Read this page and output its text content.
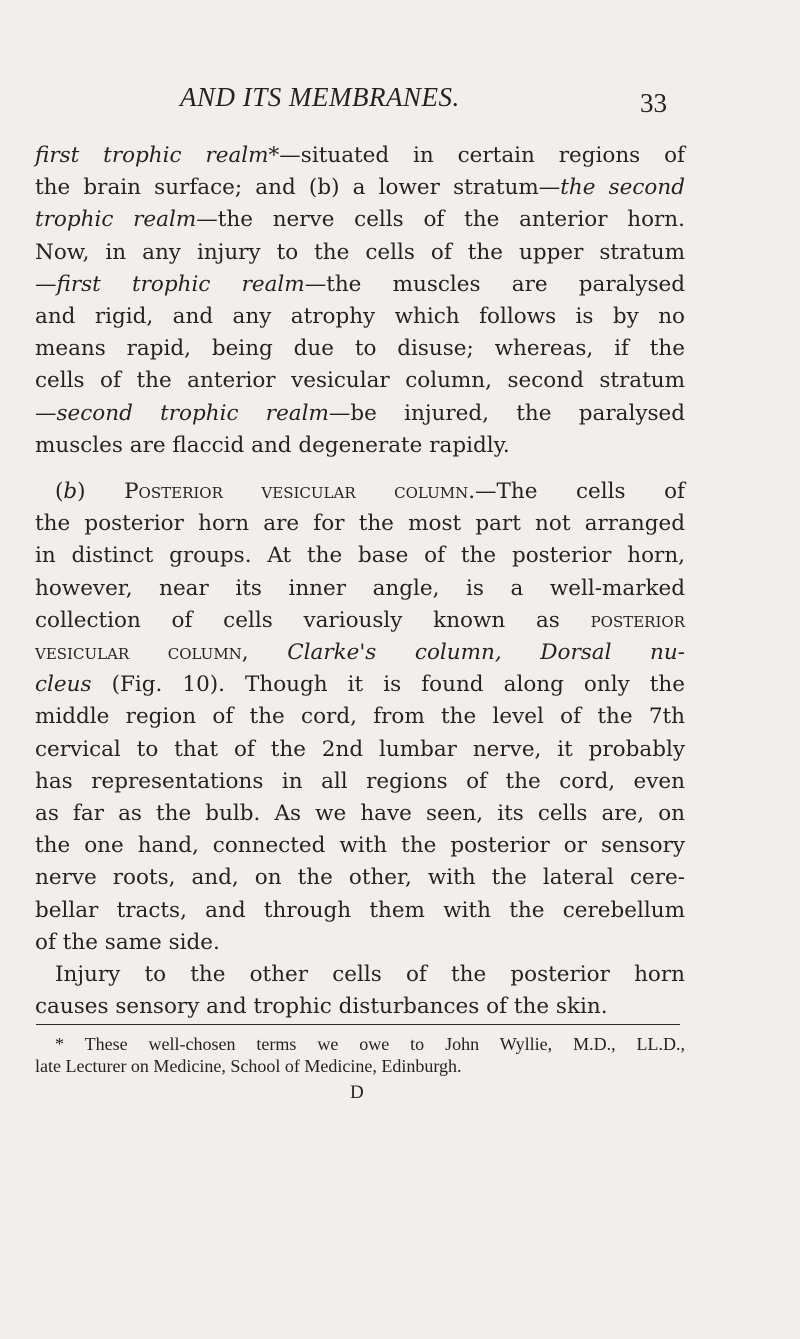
AND ITS MEMBRANES.	33
first trophic realm*—situated in certain regions of
the brain surface; and (b) a lower stratum—the second
trophic realm—the nerve cells of the anterior horn.
Now, in any injury to the cells of the upper stratum
—first trophic realm—the muscles are paralysed
and rigid, and any atrophy which follows is by no
means rapid, being due to disuse; whereas, if the
cells of the anterior vesicular column, second stratum
—second trophic realm—be injured, the paralysed
muscles are flaccid and degenerate rapidly.
(b) Posterior vesicular column.—The cells of
the posterior horn are for the most part not arranged
in distinct groups. At the base of the posterior horn,
however, near its inner angle, is a well-marked
collection of cells variously known as posterior
vesicular column, Clarke's column, Dorsal nu-
cleus (Fig. 10). Though it is found along only the
middle region of the cord, from the level of the 7th
cervical to that of the 2nd lumbar nerve, it probably
has representations in all regions of the cord, even
as far as the bulb. As we have seen, its cells are, on
the one hand, connected with the posterior or sensory
nerve roots, and, on the other, with the lateral cere-
bellar tracts, and through them with the cerebellum
of the same side.
Injury to the other cells of the posterior horn
causes sensory and trophic disturbances of the skin.
* These well-chosen terms we owe to John Wyllie, M.D., LL.D.,
late Lecturer on Medicine, School of Medicine, Edinburgh.
D
